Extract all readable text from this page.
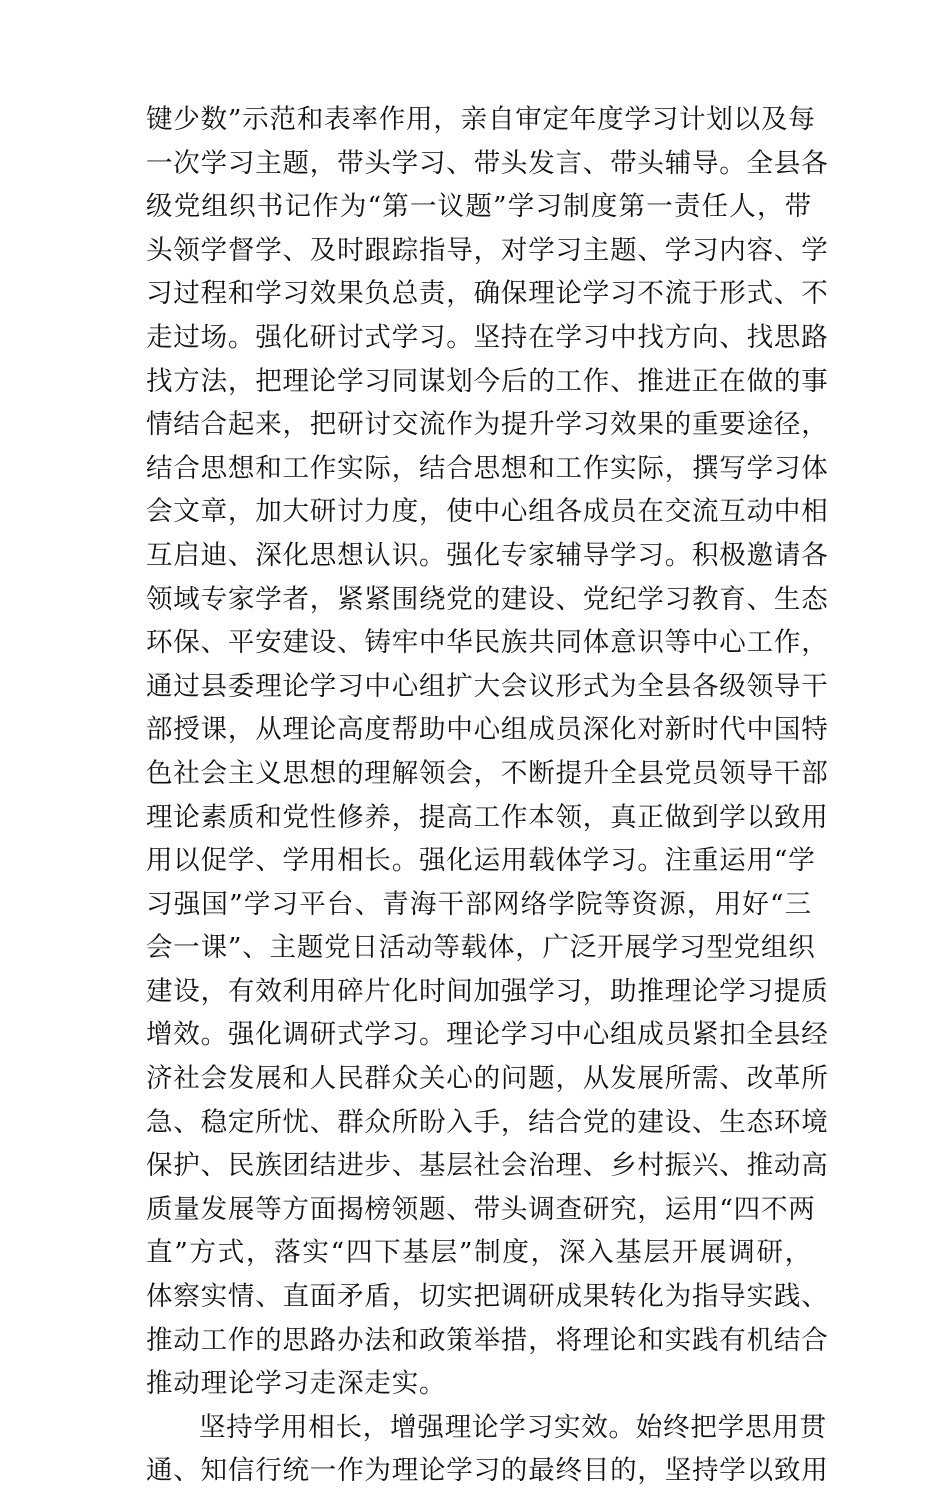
键少数”示范和表率作用，亲自审定年度学习计划以及每
一次学习主题，带头学习、带头发言、带头辅导。全县各
级党组织书记作为“第一议题”学习制度第一责任人，带
头领学督学、及时跟踪指导，对学习主题、学习内容、学
习过程和学习效果负总责，确保理论学习不流于形式、不
走过场。强化研讨式学习。坚持在学习中找方向、找思路
找方法，把理论学习同谋划今后的工作、推进正在做的事
情结合起来，把研讨交流作为提升学习效果的重要途径，
结合思想和工作实际，结合思想和工作实际，撰写学习体
会文章，加大研讨力度，使中心组各成员在交流互动中相
互启迪、深化思想认识。强化专家辅导学习。积极邀请各
领域专家学者，紧紧围绕党的建设、党纪学习教育、生态
环保、平安建设、铸牢中华民族共同体意识等中心工作，
通过县委理论学习中心组扩大会议形式为全县各级领导干
部授课，从理论高度帮助中心组成员深化对新时代中国特
色社会主义思想的理解领会，不断提升全县党员领导干部
理论素质和党性修养，提高工作本领，真正做到学以致用
用以促学、学用相长。强化运用载体学习。注重运用“学
习强国”学习平台、青海干部网络学院等资源，用好“三
会一课”、主题党日活动等载体，广泛开展学习型党组织
建设，有效利用碎片化时间加强学习，助推理论学习提质
增效。强化调研式学习。理论学习中心组成员紧扣全县经
济社会发展和人民群众关心的问题，从发展所需、改革所
急、稳定所忧、群众所盼入手，结合党的建设、生态环境
保护、民族团结进步、基层社会治理、乡村振兴、推动高
质量发展等方面揭榜领题、带头调查研究，运用“四不两
直”方式，落实“四下基层”制度，深入基层开展调研，
体察实情、直面矛盾，切实把调研成果转化为指导实践、
推动工作的思路办法和政策举措，将理论和实践有机结合
推动理论学习走深走实。
坚持学用相长，增强理论学习实效。始终把学思用贯
通、知信行统一作为理论学习的最终目的，坚持学以致用
